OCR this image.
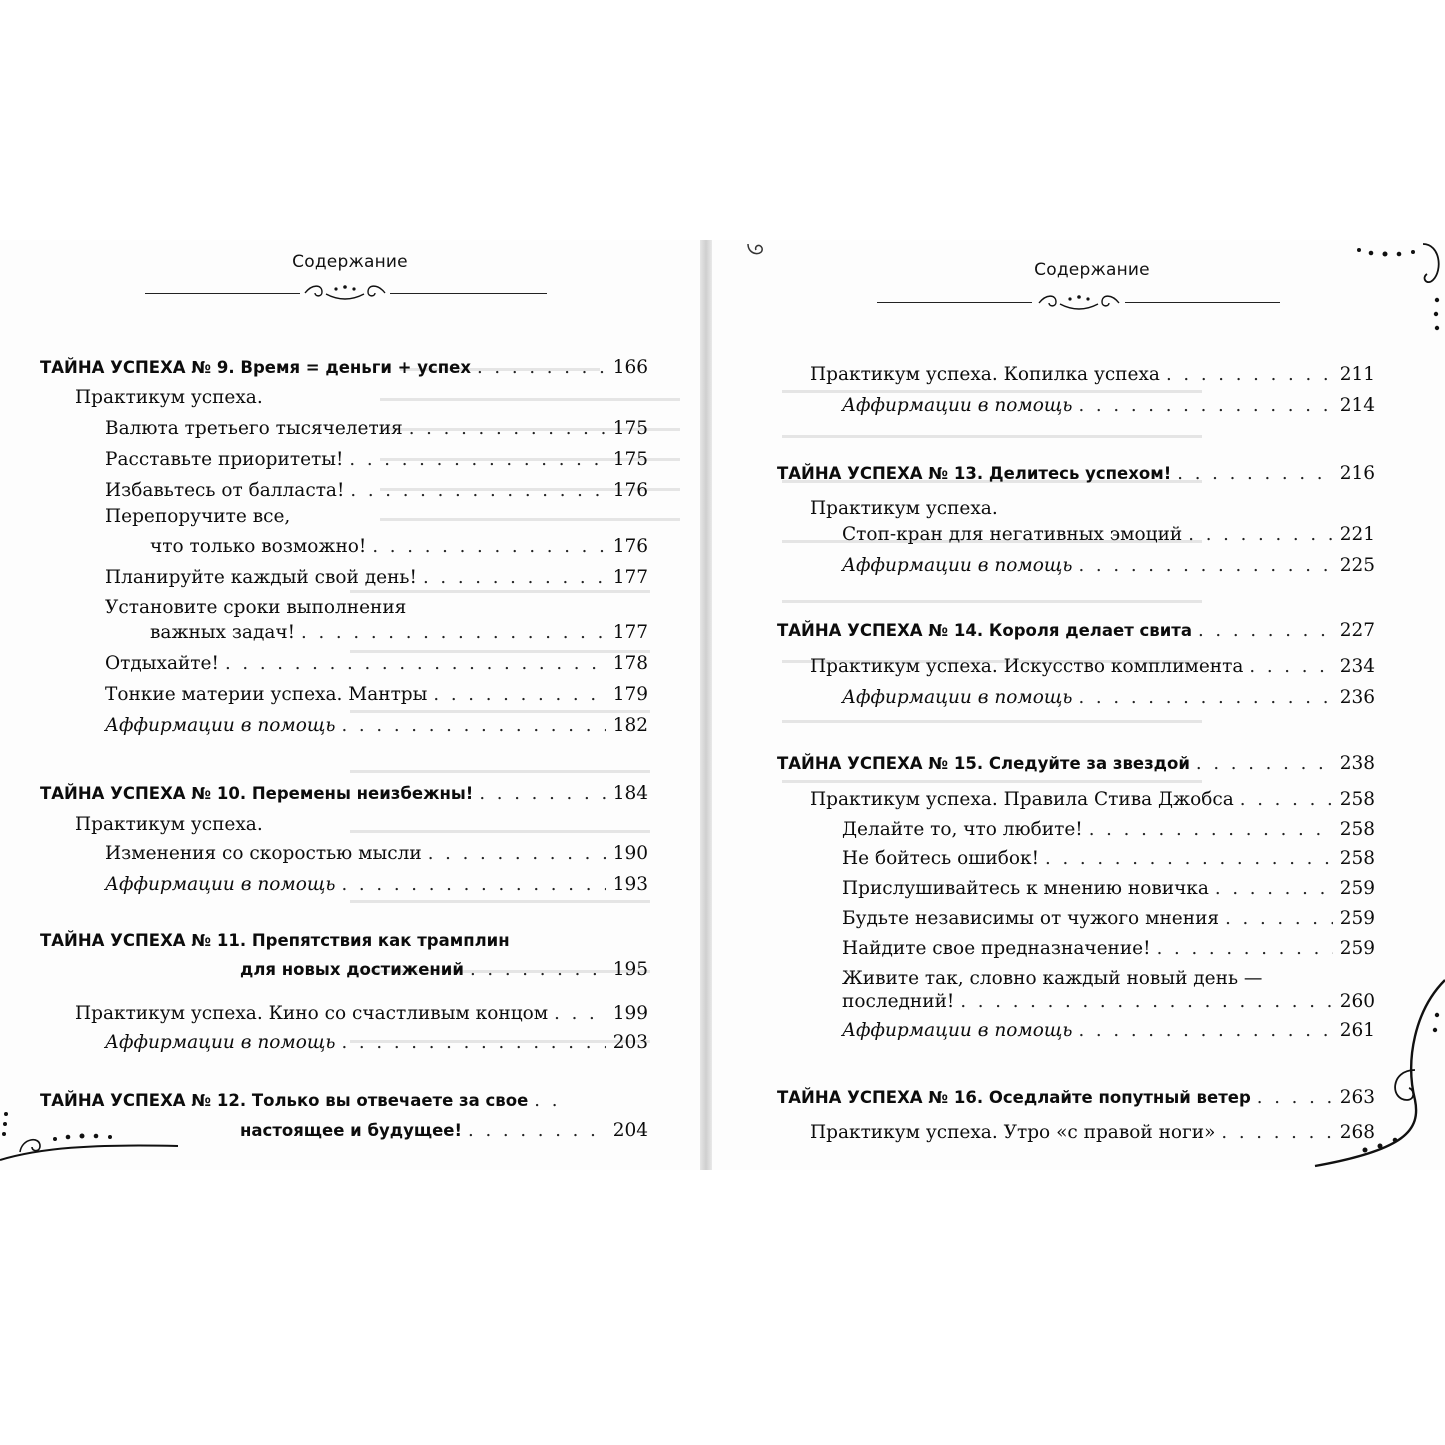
Содержание
ТАЙНА УСПЕХА № 9. Время = деньги + успех . . .	166
Практикум успеха.
Валюта третьего тысячелетия . . .	175
Расставьте приоритеты! . . .	175
Избавьтесь от балласта! . . .	176
Перепоручите все,
что только возможно! . . .	176
Планируйте каждый свой день! . . .	177
Установите сроки выполнения
важных задач! . . .	177
Отдыхайте! . . .	178
Тонкие материи успеха. Мантры . . .	179
Аффирмации в помощь . . .	182
ТАЙНА УСПЕХА № 10. Перемены неизбежны! . . .	184
Практикум успеха.
Изменения со скоростью мысли . . .	190
Аффирмации в помощь . . .	193
ТАЙНА УСПЕХА № 11. Препятствия как трамплин
для новых достижений . . .	195
Практикум успеха. Кино со счастливым концом . . .	199
Аффирмации в помощь . . .	203
ТАЙНА УСПЕХА № 12. Только вы отвечаете за свое
. . .
настоящее и будущее! . . .	204
Содержание
Практикум успеха. Копилка успеха . . .	211
Аффирмации в помощь . . .	214
ТАЙНА УСПЕХА № 13. Делитесь успехом! . . .	216
Практикум успеха.
Стоп-кран для негативных эмоций . . .	221
Аффирмации в помощь . . .	225
ТАЙНА УСПЕХА № 14. Короля делает свита . . .	227
Практикум успеха. Искусство комплимента . . .	234
Аффирмации в помощь . . .	236
ТАЙНА УСПЕХА № 15. Следуйте за звездой . . .	238
Практикум успеха. Правила Стива Джобса . . .	258
Делайте то, что любите! . . .	258
Не бойтесь ошибок! . . .	258
Прислушивайтесь к мнению новичка . . .	259
Будьте независимы от чужого мнения . . .	259
Найдите свое предназначение! . . .	259
Живите так, словно каждый новый день —
последний! . . .	260
Аффирмации в помощь . . .	261
ТАЙНА УСПЕХА № 16. Оседлайте попутный ветер . . .	263
Практикум успеха. Утро «с правой ноги» . . .	268
